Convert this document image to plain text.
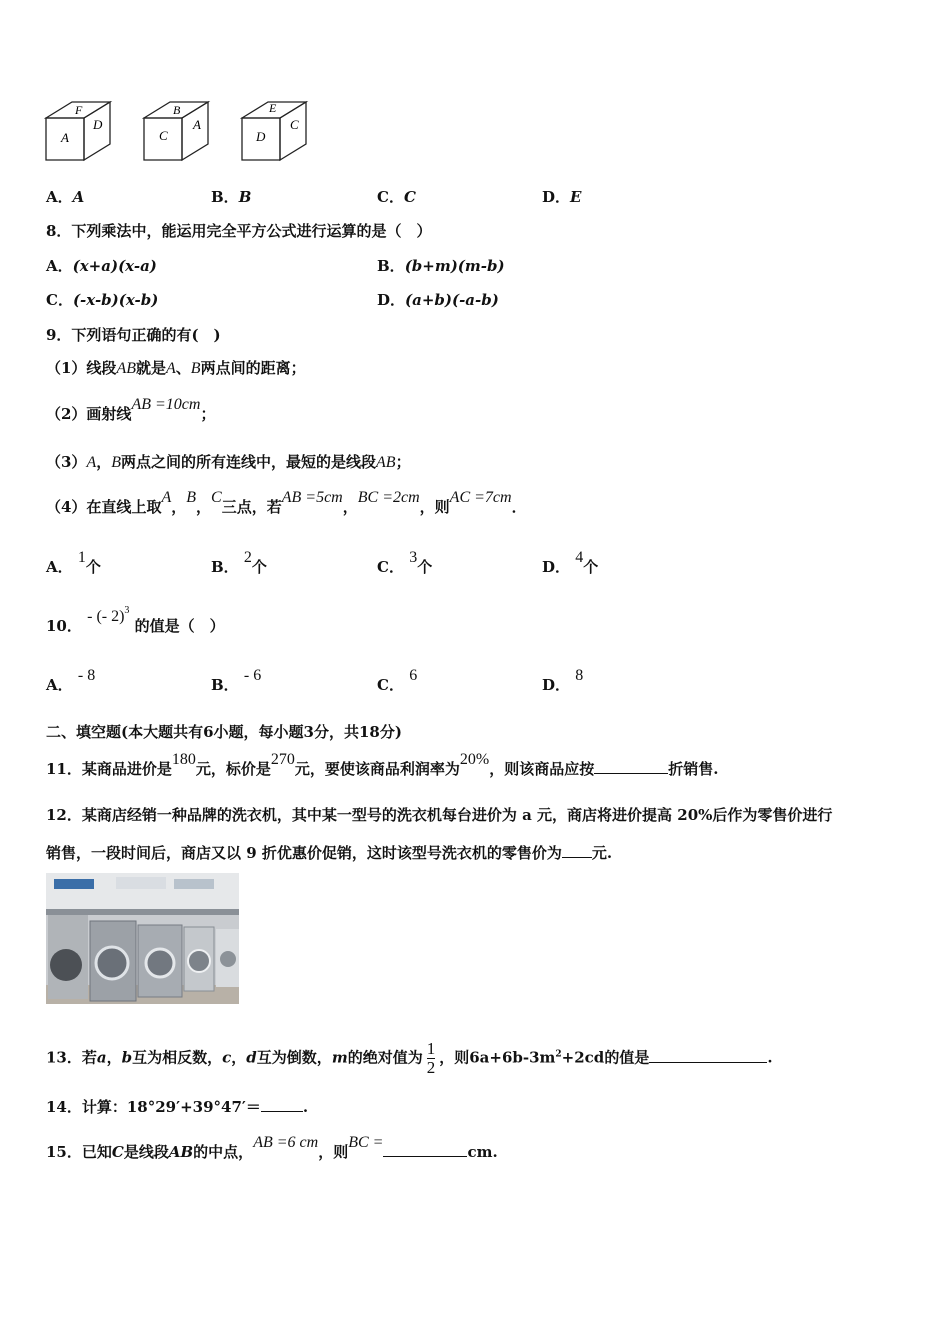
F
A
D
B
C
A
E
D
C
A．A	B．B	C．C	D．E
8．下列乘法中，能运用完全平方公式进行运算的是（　）
A．(x+a)(x-a)	B．(b+m)(m-b)
C．(-x-b)(x-b)	D．(a+b)(-a-b)
9．下列语句正确的有(　)
（1）线段AB就是A、B两点间的距离；
（2）画射线AB =10cm；
（3）A，B两点之间的所有连线中，最短的是线段AB；
（4）在直线上取A，B，C三点，若AB =5cm，BC =2cm，则AC =7cm．
A． 1个	B． 2个	C． 3个	D． 4个
10． - (- 2)$^3$ 的值是（　）
A． - 8
B． - 6
C． 6
D． 8
二、填空题(本大题共有6小题，每小题3分，共18分)
11．某商品进价是180元，标价是270元，要使该商品利润率为20%，则该商品应按	折销售.
12．某商店经销一种品牌的洗衣机，其中某一型号的洗衣机每台进价为 a 元，商店将进价提高 20%后作为零售价进行
销售，一段时间后，商店又以 9 折优惠价促销，这时该型号洗衣机的零售价为 元.
13．若a，b互为相反数，c，d互为倒数，m的绝对值为 $\frac{1}{2}$ ，则$6a+6b-3m^2+2cd$的值是	.
14．计算：18°29′+39°47′＝	.
15．已知C是线段AB的中点，AB =6 cm，则BC =cm.
